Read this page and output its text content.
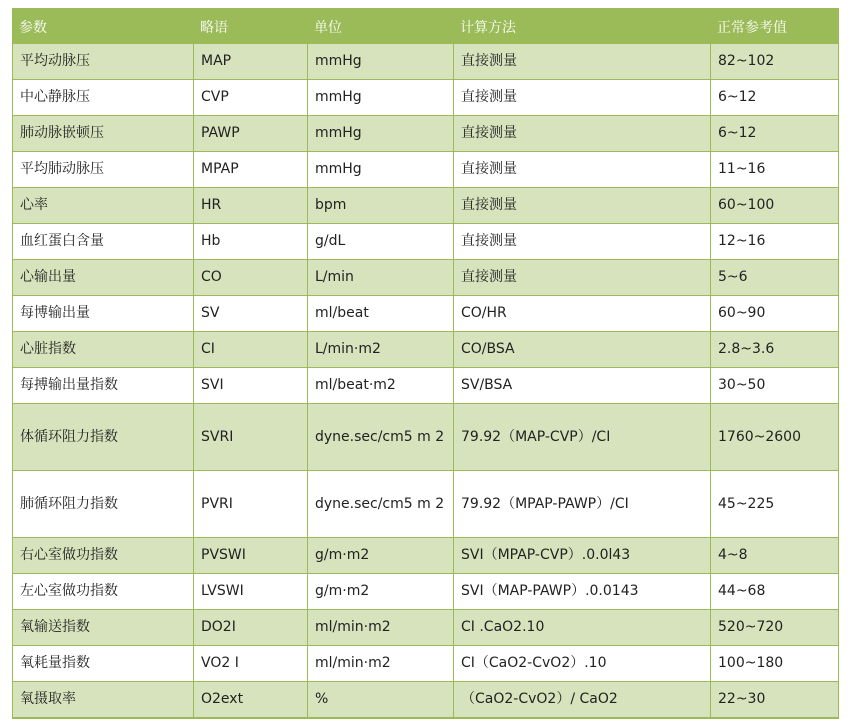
参数	略语	单位	计算方法	正常参考值
平均动脉压	MAP	mmHg	直接测量	82~102
中心静脉压	CVP	mmHg	直接测量	6~12
肺动脉嵌顿压	PAWP	mmHg	直接测量	6~12
平均肺动脉压	MPAP	mmHg	直接测量	11~16
心率	HR	bpm	直接测量	60~100
血红蛋白含量	Hb	g/dL	直接测量	12~16
心输出量	CO	L/min	直接测量	5~6
每博输出量	SV	ml/beat	CO/HR	60~90
心脏指数	CI	L/min·m2	CO/BSA	2.8~3.6
每搏输出量指数	SVI	ml/beat·m2	SV/BSA	30~50
体循环阻力指数	SVRI	dyne.sec/cm5 m 2	79.92（MAP-CVP）/CI	1760~2600
肺循环阻力指数	PVRI	dyne.sec/cm5 m 2	79.92（MPAP-PAWP）/CI	45~225
右心室做功指数	PVSWI	g/m·m2	SVI（MPAP-CVP）.0.0l43	4~8
左心室做功指数	LVSWI	g/m·m2	SVI（MAP-PAWP）.0.0143	44~68
氧输送指数	DO2I	ml/min·m2	CI .CaO2.10	520~720
氧耗量指数	VO2 I	ml/min·m2	CI（CaO2-CvO2）.10	100~180
氧摄取率	O2ext	%	（CaO2-CvO2）/ CaO2	22~30
